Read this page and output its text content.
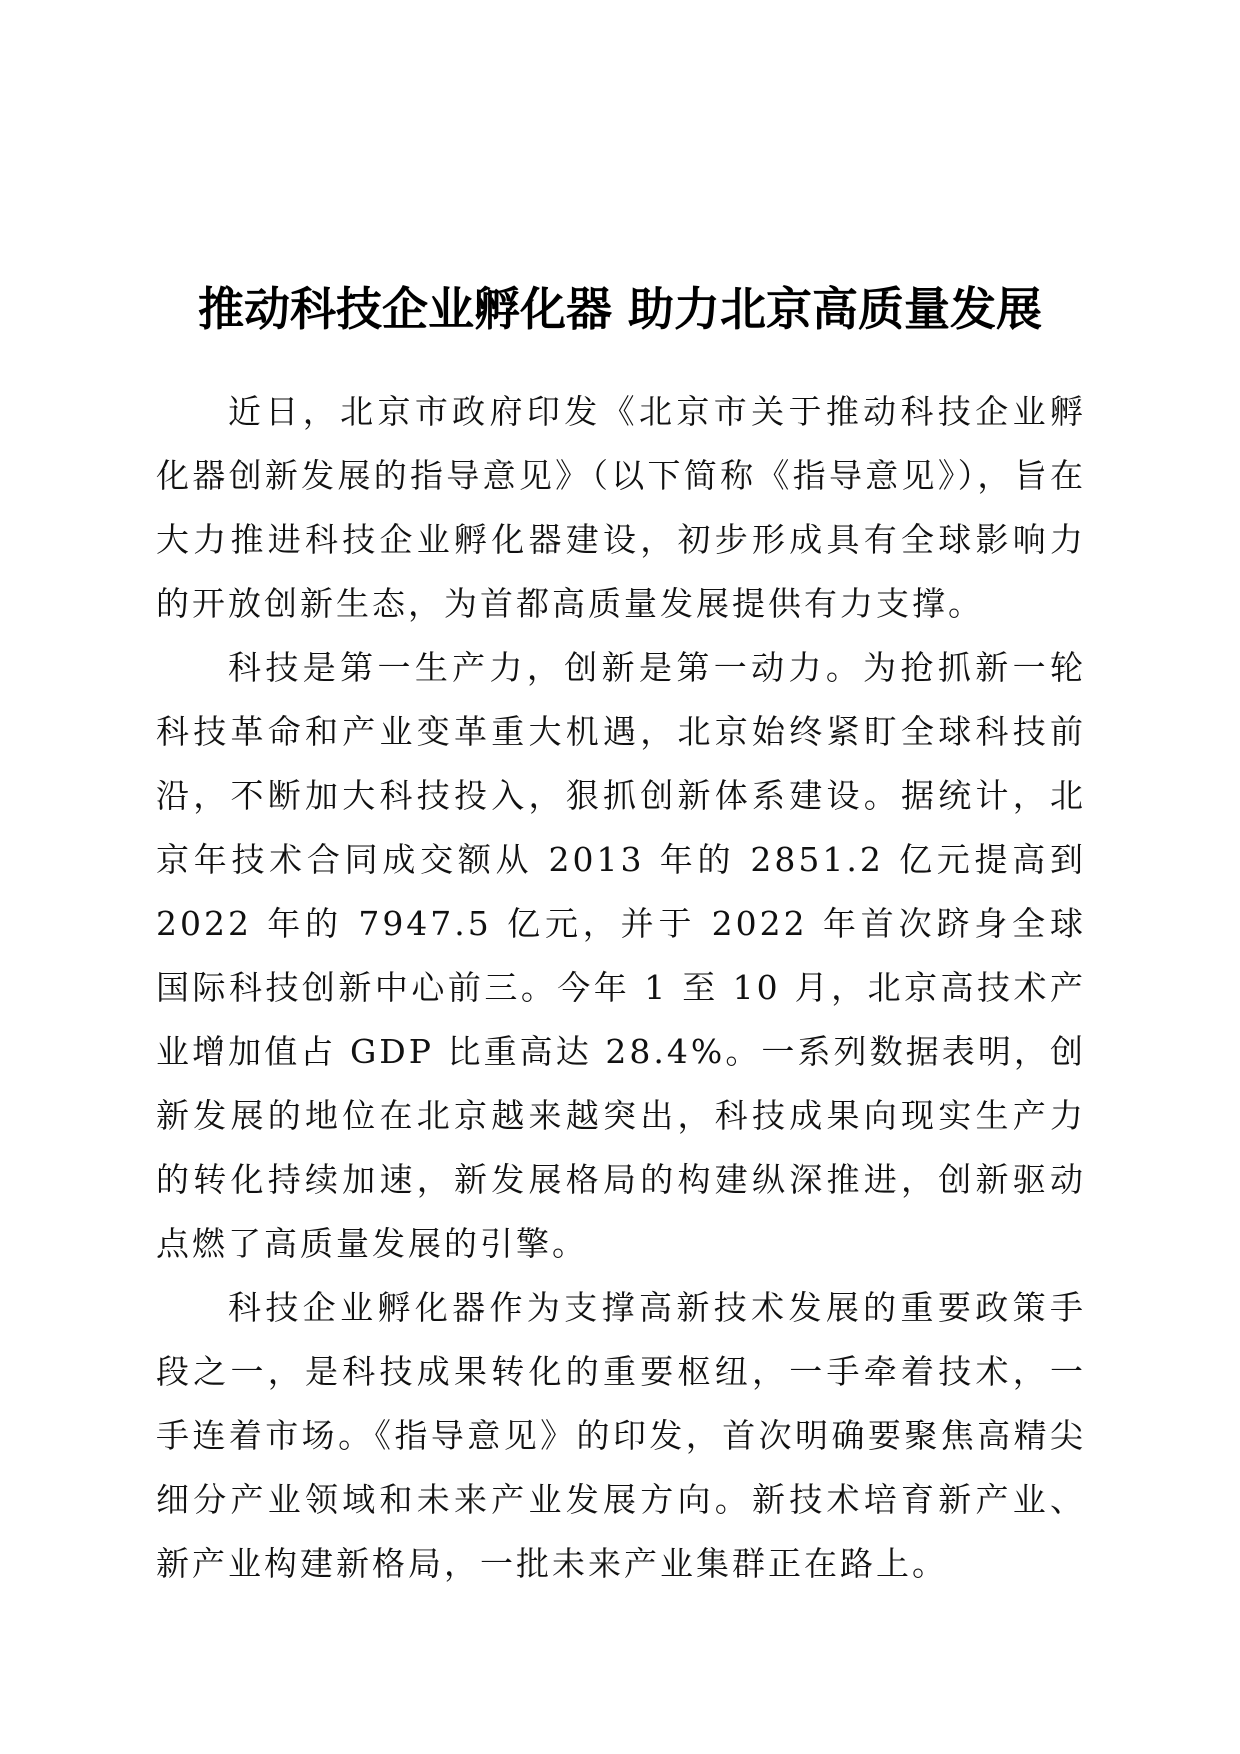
推动科技企业孵化器 助力北京高质量发展

近日，北京市政府印发《北京市关于推动科技企业孵化器创新发展的指导意见》（以下简称《指导意见》），旨在大力推进科技企业孵化器建设，初步形成具有全球影响力的开放创新生态，为首都高质量发展提供有力支撑。

科技是第一生产力，创新是第一动力。为抢抓新一轮科技革命和产业变革重大机遇，北京始终紧盯全球科技前沿，不断加大科技投入，狠抓创新体系建设。据统计，北京年技术合同成交额从 2013 年的 2851.2 亿元提高到 2022 年的 7947.5 亿元，并于 2022 年首次跻身全球国际科技创新中心前三。今年 1 至 10 月，北京高技术产业增加值占 GDP 比重高达 28.4%。一系列数据表明，创新发展的地位在北京越来越突出，科技成果向现实生产力的转化持续加速，新发展格局的构建纵深推进，创新驱动点燃了高质量发展的引擎。

科技企业孵化器作为支撑高新技术发展的重要政策手段之一，是科技成果转化的重要枢纽，一手牵着技术，一手连着市场。《指导意见》的印发，首次明确要聚焦高精尖细分产业领域和未来产业发展方向。新技术培育新产业、新产业构建新格局，一批未来产业集群正在路上。
